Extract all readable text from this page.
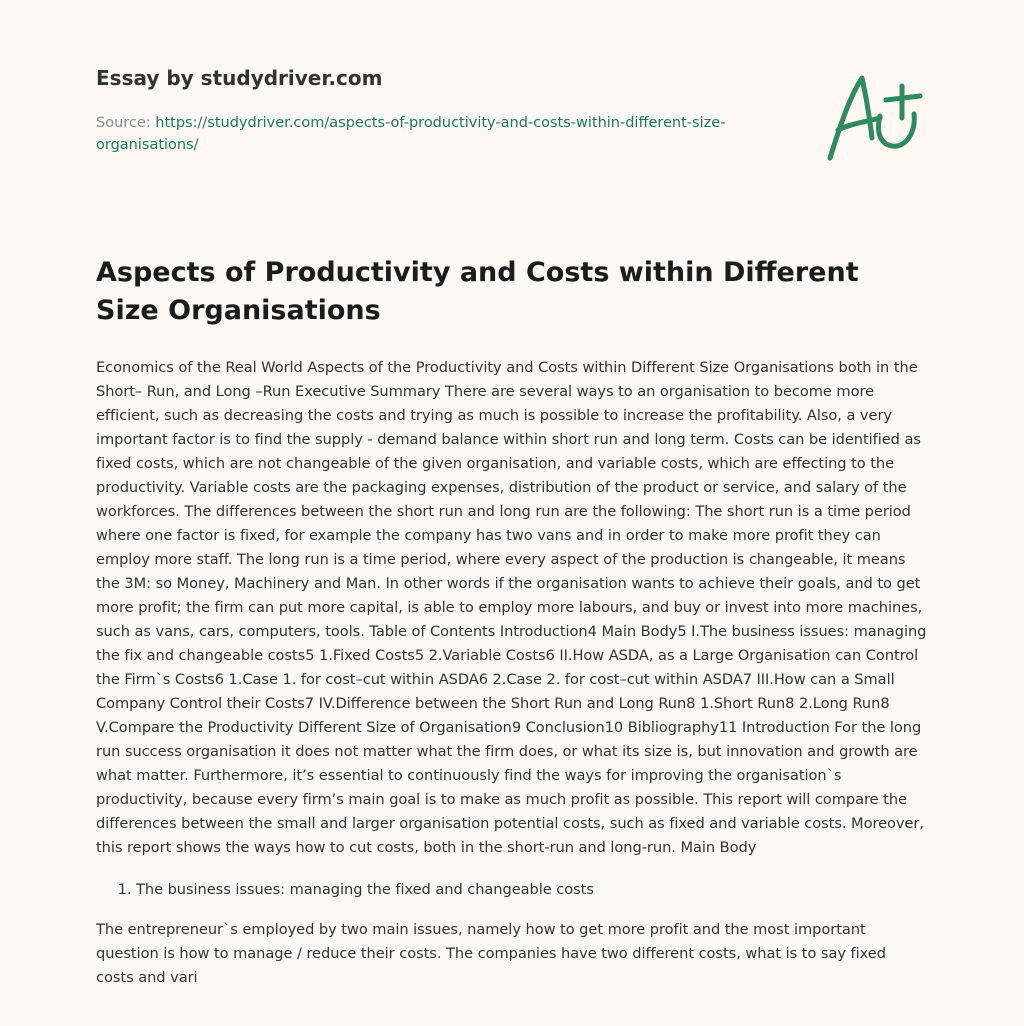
Essay by studydriver.com
Source: https://studydriver.com/aspects-of-productivity-and-costs-within-different-size-organisations/
Aspects of Productivity and Costs within Different Size Organisations

Economics of the Real World Aspects of the Productivity and Costs within Different Size Organisations both in the Short– Run, and Long –Run Executive Summary There are several ways to an organisation to become more efficient, such as decreasing the costs and trying as much is possible to increase the profitability. Also, a very important factor is to find the supply - demand balance within short run and long term. Costs can be identified as fixed costs, which are not changeable of the given organisation, and variable costs, which are effecting to the productivity. Variable costs are the packaging expenses, distribution of the product or service, and salary of the workforces. The differences between the short run and long run are the following: The short run is a time period where one factor is fixed, for example the company has two vans and in order to make more profit they can employ more staff. The long run is a time period, where every aspect of the production is changeable, it means the 3M: so Money, Machinery and Man. In other words if the organisation wants to achieve their goals, and to get more profit; the firm can put more capital, is able to employ more labours, and buy or invest into more machines, such as vans, cars, computers, tools. Table of Contents Introduction4 Main Body5 I.The business issues: managing the fix and changeable costs5 1.Fixed Costs5 2.Variable Costs6 II.How ASDA, as a Large Organisation can Control the Firm`s Costs6 1.Case 1. for cost–cut within ASDA6 2.Case 2. for cost–cut within ASDA7 III.How can a Small Company Control their Costs7 IV.Difference between the Short Run and Long Run8 1.Short Run8 2.Long Run8 V.Compare the Productivity Different Size of Organisation9 Conclusion10 Bibliography11 Introduction For the long run success organisation it does not matter what the firm does, or what its size is, but innovation and growth are what matter. Furthermore, it’s essential to continuously find the ways for improving the organisation`s productivity, because every firm’s main goal is to make as much profit as possible. This report will compare the differences between the small and larger organisation potential costs, such as fixed and variable costs. Moreover, this report shows the ways how to cut costs, both in the short-run and long-run. Main Body

1. The business issues: managing the fixed and changeable costs

The entrepreneur`s employed by two main issues, namely how to get more profit and the most important question is how to manage / reduce their costs. The companies have two different costs, what is to say fixed costs and vari
